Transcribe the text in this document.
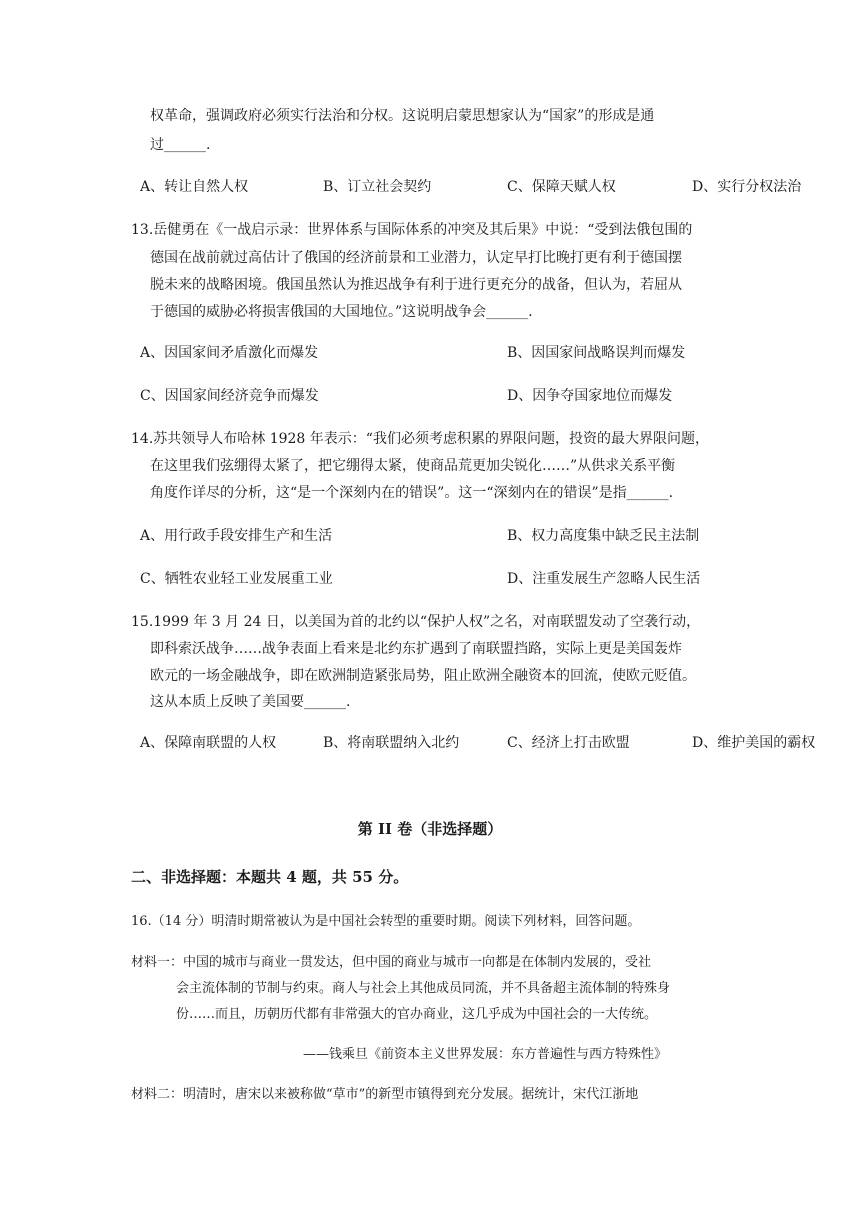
权革命，强调政府必须实行法治和分权。这说明启蒙思想家认为“国家”的形成是通
过______.
A、转让自然人权	B、订立社会契约	C、保障天赋人权	D、实行分权法治
13.岳健勇在《一战启示录：世界体系与国际体系的冲突及其后果》中说：“受到法俄包围的
德国在战前就过高估计了俄国的经济前景和工业潜力，认定早打比晚打更有利于德国摆
脱未来的战略困境。俄国虽然认为推迟战争有利于进行更充分的战备，但认为，若屈从
于德国的威胁必将损害俄国的大国地位。”这说明战争会______.
A、因国家间矛盾激化而爆发	B、因国家间战略误判而爆发
C、因国家间经济竞争而爆发	D、因争夺国家地位而爆发
14.苏共领导人布哈林 1928 年表示：“我们必须考虑积累的界限问题，投资的最大界限问题，
在这里我们弦绷得太紧了，把它绷得太紧，使商品荒更加尖锐化……”从供求关系平衡
角度作详尽的分析，这“是一个深刻内在的错误”。这一“深刻内在的错误”是指______.
A、用行政手段安排生产和生活	B、权力高度集中缺乏民主法制
C、牺牲农业轻工业发展重工业	D、注重发展生产忽略人民生活
15.1999 年 3 月 24 日，以美国为首的北约以“保护人权”之名，对南联盟发动了空袭行动，
即科索沃战争……战争表面上看来是北约东扩遇到了南联盟挡路，实际上更是美国轰炸
欧元的一场金融战争，即在欧洲制造紧张局势，阻止欧洲全融资本的回流，使欧元贬值。
这从本质上反映了美国要______.
A、保障南联盟的人权	B、将南联盟纳入北约	C、经济上打击欧盟	D、维护美国的霸权
第 II 卷（非选择题）
二、非选择题：本题共 4 题，共 55 分。
16.（14 分）明清时期常被认为是中国社会转型的重要时期。阅读下列材料，回答问题。
材料一：中国的城市与商业一贯发达，但中国的商业与城市一向都是在体制内发展的，受社
会主流体制的节制与约束。商人与社会上其他成员同流，并不具备超主流体制的特殊身
份……而且，历朝历代都有非常强大的官办商业，这几乎成为中国社会的一大传统。
——钱乘旦《前资本主义世界发展：东方普遍性与西方特殊性》
材料二：明清时，唐宋以来被称做“草市”的新型市镇得到充分发展。据统计，宋代江浙地
